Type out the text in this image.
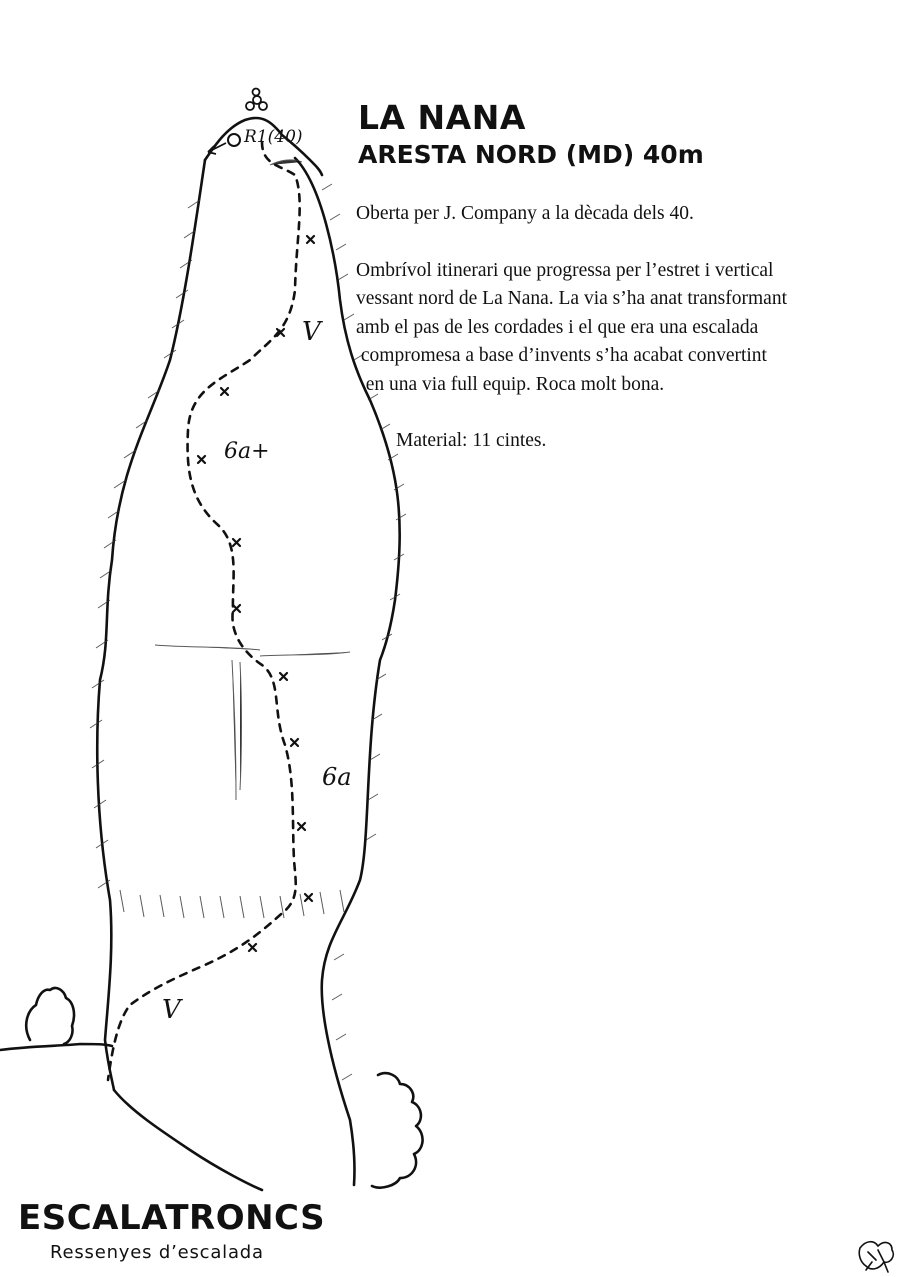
R1(40)
V
6a+
6a
V
LA NANA
ARESTA NORD (MD) 40m

Oberta per J. Company a la dècada dels 40.

Ombrívol itinerari que progressa per l’estret i vertical

vessant nord de La Nana. La via s’ha anat transformant

amb el pas de les cordades i el que era una escalada

compromesa a base d’invents s’ha acabat convertint

en una via full equip. Roca molt bona.

Material: 11 cintes.

ESCALATRONCS

Ressenyes d’escalada
